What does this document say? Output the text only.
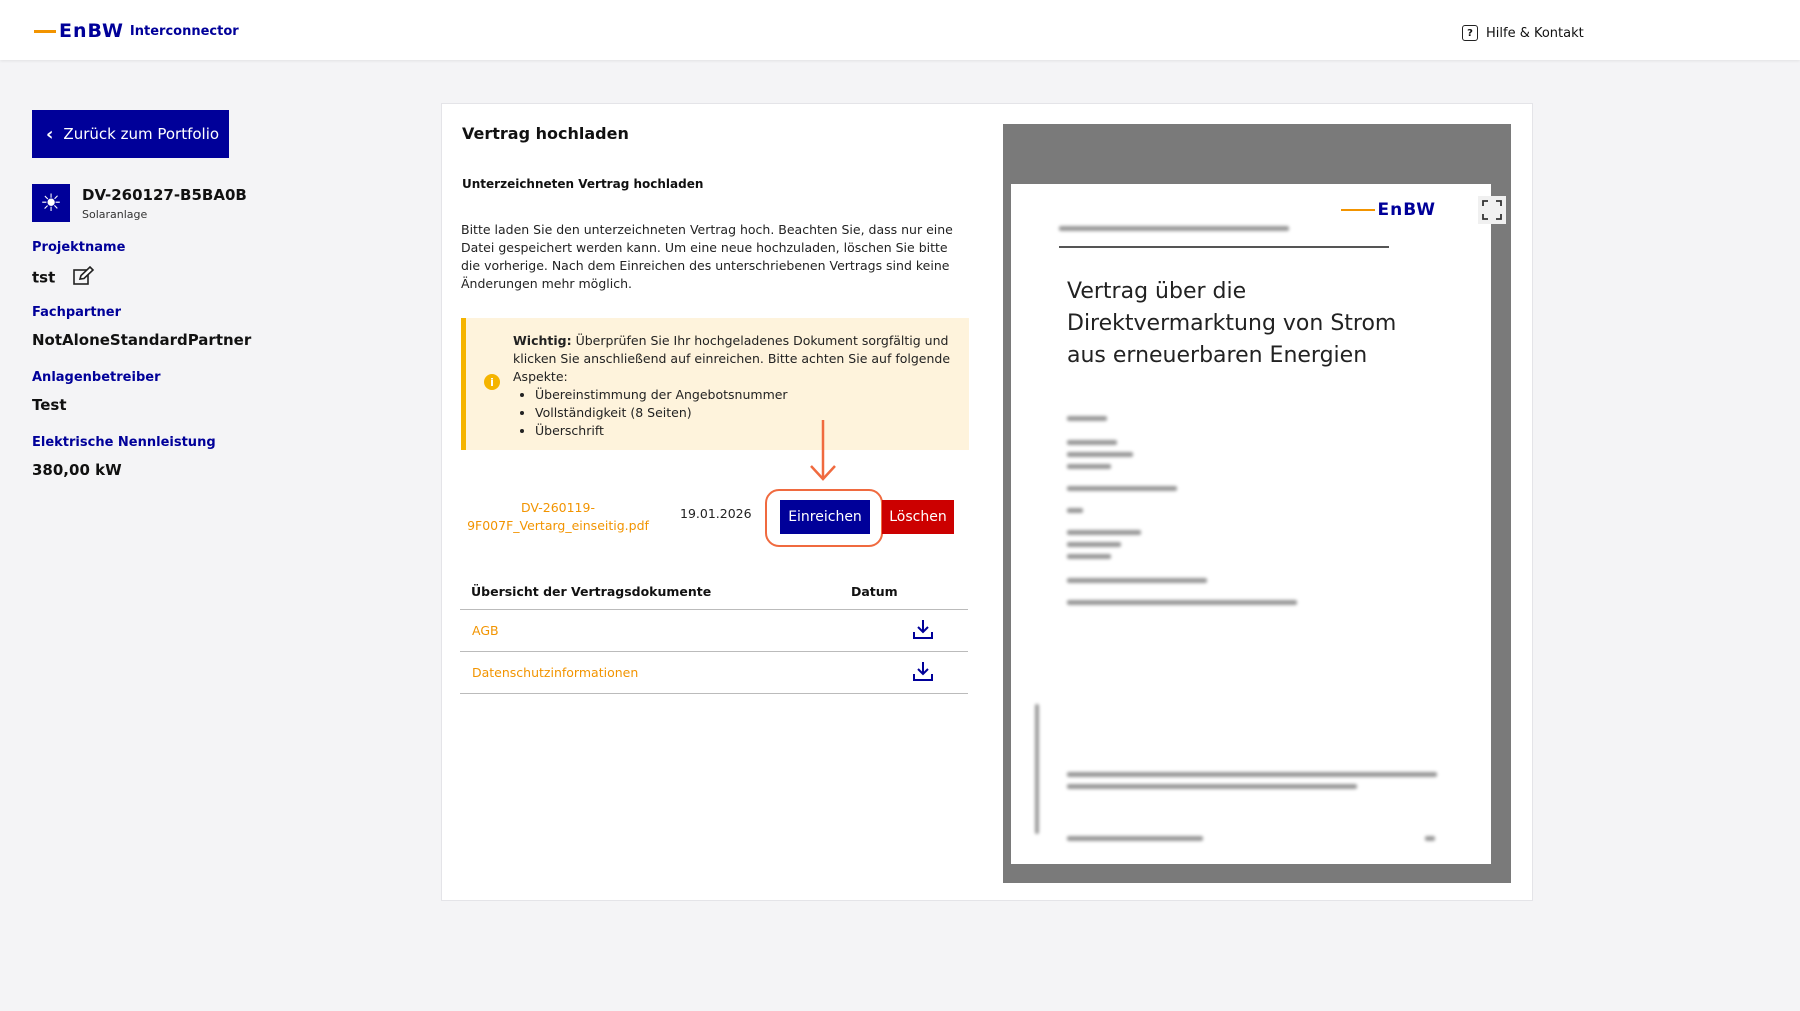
EnBW Interconnector	?	Hilfe & Kontakt
‹ Zurück zum Portfolio
☀	DV-260127-B5BA0B
Solaranlage
Projektname
tst
Fachpartner
NotAloneStandardPartner
Anlagenbetreiber
Test
Elektrische Nennleistung
380,00 kW
Vertrag hochladen
Unterzeichneten Vertrag hochladen
Bitte laden Sie den unterzeichneten Vertrag hoch. Beachten Sie, dass nur eine Datei gespeichert werden kann. Um eine neue hochzuladen, löschen Sie bitte die vorherige. Nach dem Einreichen des unterschriebenen Vertrags sind keine Änderungen mehr möglich.
i
Wichtig: Überprüfen Sie Ihr hochgeladenes Dokument sorgfältig und klicken Sie anschließend auf einreichen. Bitte achten Sie auf folgende Aspekte:
• Übereinstimmung der Angebotsnummer
• Vollständigkeit (8 Seiten)
• Überschrift
DV-260119-9F007F_Vertarg_einseitig.pdf
19.01.2026	Einreichen	Löschen
Übersicht der Vertragsdokumente	Datum
AGB
Datenschutzinformationen
EnBW
Vertrag über die Direktvermarktung von Strom aus erneuerbaren Energien
